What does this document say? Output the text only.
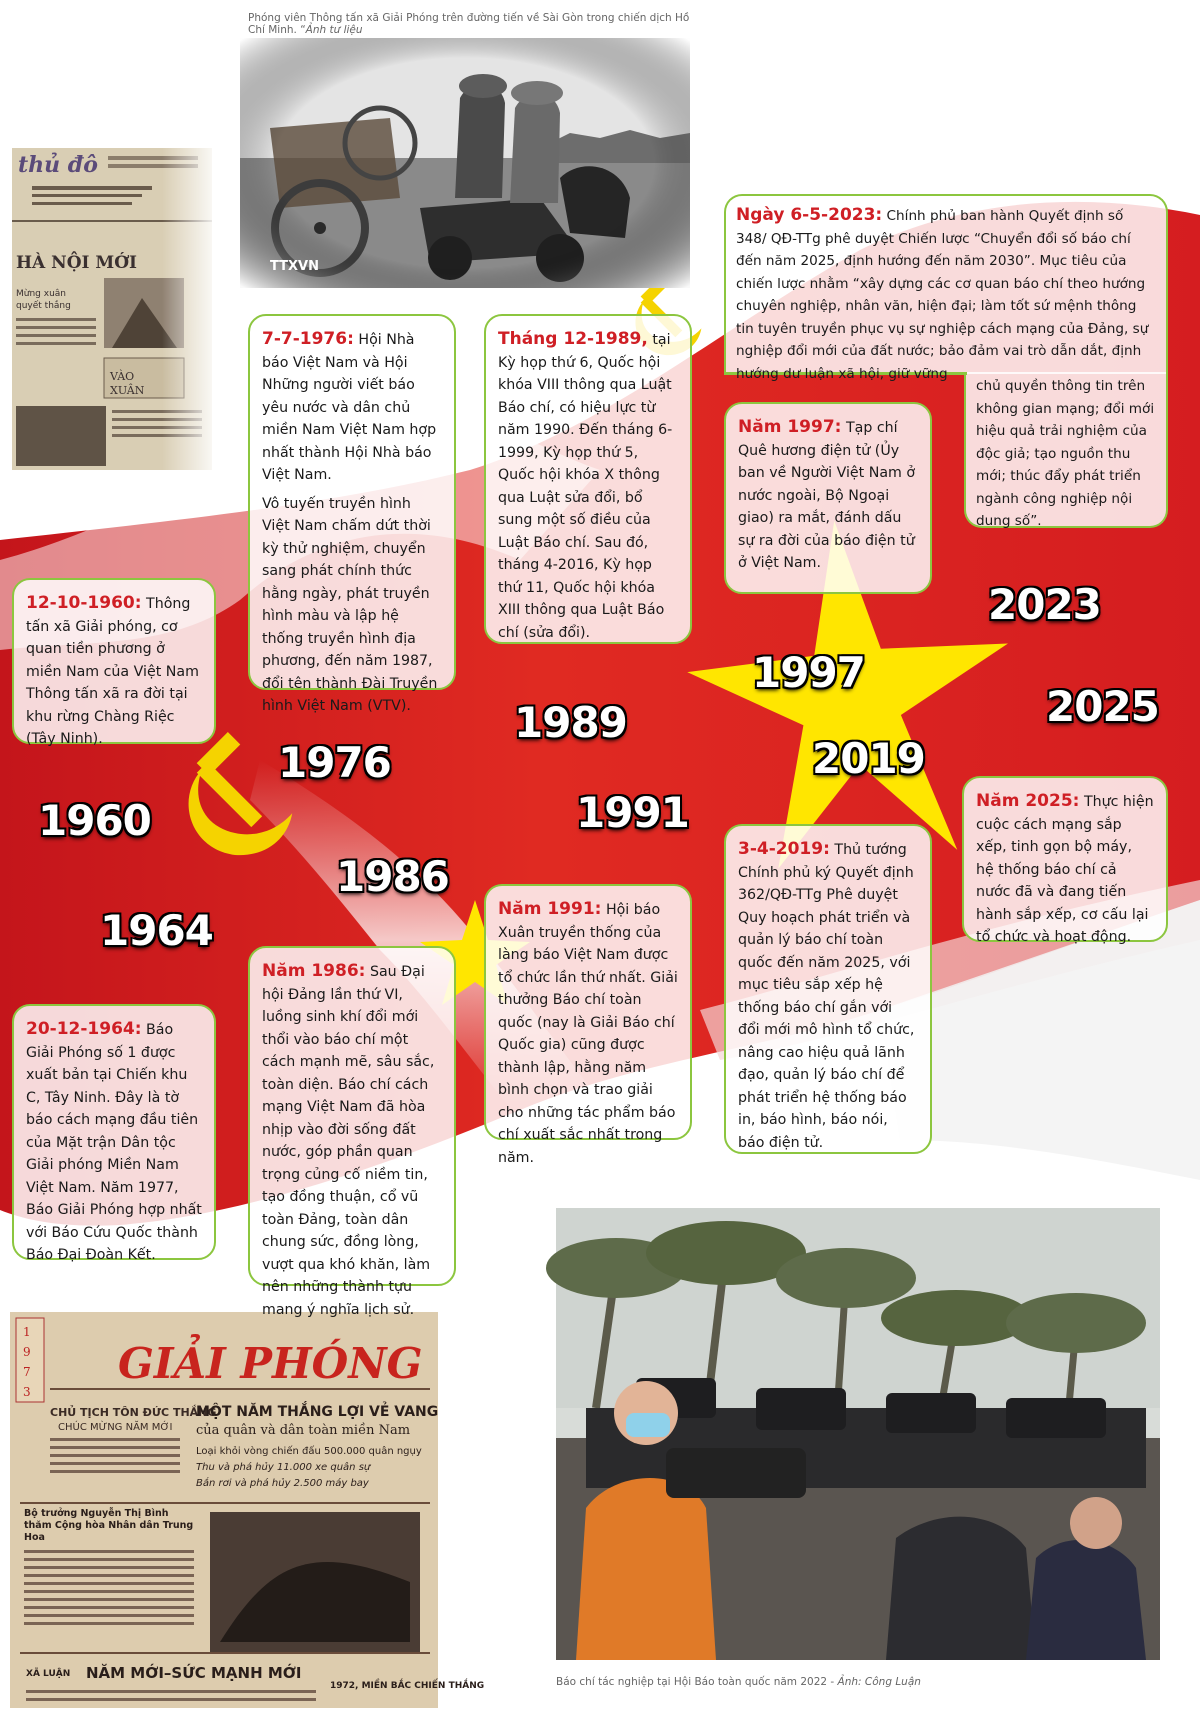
Phóng viên Thông tấn xã Giải Phóng trên đường tiến về Sài Gòn trong chiến dịch Hồ Chí Minh. “Ảnh tư liệu
TTXVN
1
9
7
3
GIẢI PHÓNG
CHỦ TỊCH TÔN ĐỨC THẮNG
CHÚC MỪNG NĂM MỚI
MỘT NĂM THẮNG LỢI VẺ VANG
của quân và dân toàn miền Nam
Loại khỏi vòng chiến đấu 500.000 quân ngụy
Thu và phá hủy 11.000 xe quân sự
Bắn rơi và phá hủy 2.500 máy bay
Bộ trưởng Nguyễn Thị Bình thăm Cộng hòa Nhân dân Trung Hoa
XÃ LUẬN NĂM MỚI–SỨC MẠNH MỚI
1972, MIỀN BẮC CHIẾN THẮNG	Báo chí tác nghiệp tại Hội Báo toàn quốc năm 2022 - Ảnh: Công Luận
1960
1964
1976
1986
1989
1991
1997
2019
2023
2025

12-10-1960: Thông tấn xã Giải phóng, cơ quan tiền phương ở miền Nam của Việt Nam Thông tấn xã ra đời tại khu rừng Chàng Riệc (Tây Ninh).

20-12-1964: Báo Giải Phóng số 1 được xuất bản tại Chiến khu C, Tây Ninh. Đây là tờ báo cách mạng đầu tiên của Mặt trận Dân tộc Giải phóng Miền Nam Việt Nam. Năm 1977, Báo Giải Phóng hợp nhất với Báo Cứu Quốc thành Báo Đại Đoàn Kết.

7-7-1976: Hội Nhà báo Việt Nam và Hội Những người viết báo yêu nước và dân chủ miền Nam Việt Nam hợp nhất thành Hội Nhà báo Việt Nam.

Vô tuyến truyền hình Việt Nam chấm dứt thời kỳ thử nghiệm, chuyển sang phát chính thức hằng ngày, phát truyền hình màu và lập hệ thống truyền hình địa phương, đến năm 1987, đổi tên thành Đài Truyền hình Việt Nam (VTV).

Năm 1986: Sau Đại hội Đảng lần thứ VI, luồng sinh khí đổi mới thổi vào báo chí một cách mạnh mẽ, sâu sắc, toàn diện. Báo chí cách mạng Việt Nam đã hòa nhịp vào đời sống đất nước, góp phần quan trọng củng cố niềm tin, tạo đồng thuận, cổ vũ toàn Đảng, toàn dân chung sức, đồng lòng, vượt qua khó khăn, làm nên những thành tựu mang ý nghĩa lịch sử.

Tháng 12-1989, tại Kỳ họp thứ 6, Quốc hội khóa VIII thông qua Luật Báo chí, có hiệu lực từ năm 1990. Đến tháng 6-1999, Kỳ họp thứ 5, Quốc hội khóa X thông qua Luật sửa đổi, bổ sung một số điều của Luật Báo chí. Sau đó, tháng 4-2016, Kỳ họp thứ 11, Quốc hội khóa XIII thông qua Luật Báo chí (sửa đổi).

Năm 1991: Hội báo Xuân truyền thống của làng báo Việt Nam được tổ chức lần thứ nhất. Giải thưởng Báo chí toàn quốc (nay là Giải Báo chí Quốc gia) cũng được thành lập, hằng năm bình chọn và trao giải cho những tác phẩm báo chí xuất sắc nhất trong năm.

Năm 1997: Tạp chí Quê hương điện tử (Ủy ban về Người Việt Nam ở nước ngoài, Bộ Ngoại giao) ra mắt, đánh dấu sự ra đời của báo điện tử ở Việt Nam.

3-4-2019: Thủ tướng Chính phủ ký Quyết định 362/QĐ-TTg Phê duyệt Quy hoạch phát triển và quản lý báo chí toàn quốc đến năm 2025, với mục tiêu sắp xếp hệ thống báo chí gắn với đổi mới mô hình tổ chức, nâng cao hiệu quả lãnh đạo, quản lý báo chí để phát triển hệ thống báo in, báo hình, báo nói, báo điện tử.

Ngày 6-5-2023: Chính phủ ban hành Quyết định số 348/ QĐ-TTg phê duyệt Chiến lược “Chuyển đổi số báo chí đến năm 2025, định hướng đến năm 2030”. Mục tiêu của chiến lược nhằm “xây dựng các cơ quan báo chí theo hướng chuyên nghiệp, nhân văn, hiện đại; làm tốt sứ mệnh thông tin tuyên truyền phục vụ sự nghiệp cách mạng của Đảng, sự nghiệp đổi mới của đất nước; bảo đảm vai trò dẫn dắt, định hướng dư luận xã hội, giữ vững
chủ quyền thông tin trên không gian mạng; đổi mới hiệu quả trải nghiệm của độc giả; tạo nguồn thu mới; thúc đẩy phát triển ngành công nghiệp nội dung số”.

Năm 2025: Thực hiện cuộc cách mạng sắp xếp, tinh gọn bộ máy, hệ thống báo chí cả nước đã và đang tiến hành sắp xếp, cơ cấu lại tổ chức và hoạt động.
